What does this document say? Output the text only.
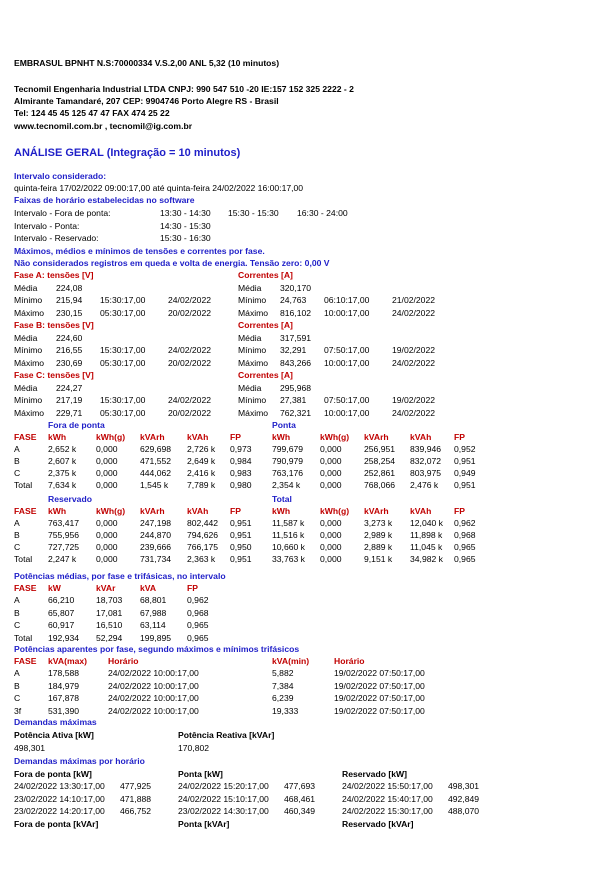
EMBRASUL BPNHT N.S:70000334 V.S.2,00 ANL 5,32 (10 minutos)
Tecnomil Engenharia Industrial LTDA CNPJ: 990 547 510 -20 IE:157 152 325 2222 - 2
Almirante Tamandaré, 207 CEP: 9904746 Porto Alegre RS - Brasil
Tel: 124 45 45 125 47 47 FAX 474 25 22
www.tecnomil.com.br , tecnomil@ig.com.br
ANÁLISE GERAL (Integração = 10 minutos)
Intervalo considerado:
quinta-feira 17/02/2022 09:00:17,00 até quinta-feira 24/02/2022 16:00:17,00
Faixas de horário estabelecidas no software
Intervalo - Fora de ponta:	13:30 - 14:30 15:30 - 15:30 16:30 - 24:00
Intervalo - Ponta:	14:30 - 15:30
Intervalo - Reservado:	15:30 - 16:30
Máximos, médios e mínimos de tensões e correntes por fase.
Não considerados registros em queda e volta de energia. Tensão zero: 0,00 V
Fase A: tensões [V]	Correntes [A]
Média 224,08	Média 320,170
Mínimo 215,94 15:30:17,00	24/02/2022	Mínimo 24,763 06:10:17,00	21/02/2022
Máximo 230,15 05:30:17,00	20/02/2022	Máximo 816,102 10:00:17,00	24/02/2022
Fase B: tensões [V]	Correntes [A]
Média 224,60	Média 317,591
Mínimo 216,55 15:30:17,00	24/02/2022	Mínimo 32,291 07:50:17,00	19/02/2022
Máximo 230,69 05:30:17,00	20/02/2022	Máximo 843,266 10:00:17,00	24/02/2022
Fase C: tensões [V]	Correntes [A]
Média 224,27	Média 295,968
Mínimo 217,19 15:30:17,00	24/02/2022	Mínimo 27,381 07:50:17,00	19/02/2022
Máximo 229,71 05:30:17,00	20/02/2022	Máximo 762,321 10:00:17,00	24/02/2022
Fora de ponta	Ponta
FASE kWh	kWh(g) kVArh	kVAh	FP	kWh	kWh(g) kVArh kVAh	FP
A	2,652 k 0,000	629,698 2,726 k 0,973 799,679 0,000	256,951 839,946 0,952
B	2,607 k 0,000	471,552 2,649 k 0,984 790,979 0,000	258,254 832,072 0,951
C	2,375 k 0,000	444,062 2,416 k 0,983 763,176 0,000	252,861 803,975 0,949
Total 7,634 k 0,000	1,545 k 7,789 k 0,980 2,354 k 0,000	768,066 2,476 k 0,951
Reservado	Total
FASE kWh	kWh(g) kVArh	kVAh	FP	kWh	kWh(g) kVArh kVAh	FP
A	763,417 0,000	247,198 802,442 0,951 11,587 k 0,000	3,273 k 12,040 k 0,962
B	755,956 0,000	244,870 794,626 0,951 11,516 k 0,000	2,989 k 11,898 k 0,968
C	727,725 0,000	239,666 766,175 0,950 10,660 k 0,000	2,889 k 11,045 k 0,965
Total 2,247 k 0,000	731,734 2,363 k 0,951 33,763 k 0,000	9,151 k 34,982 k 0,965
Potências médias, por fase e trifásicas, no intervalo
FASE kW	kVAr	kVA	FP
A	66,210	18,703 68,801 0,962
B	65,807	17,081 67,988 0,968
C	60,917	16,510 63,114 0,965
Total 192,934 52,294 199,895 0,965
Potências aparentes por fase, segundo máximos e mínimos trifásicos
FASE kVA(max) Horário	kVA(min)	Horário
A	178,588	24/02/2022 10:00:17,00	5,882	19/02/2022 07:50:17,00
B	184,979	24/02/2022 10:00:17,00	7,384	19/02/2022 07:50:17,00
C	167,878	24/02/2022 10:00:17,00	6,239	19/02/2022 07:50:17,00
3f	531,390	24/02/2022 10:00:17,00	19,333	19/02/2022 07:50:17,00
Demandas máximas
Potência Ativa [kW]	Potência Reativa [kVAr]
498,301	170,802
Demandas máximas por horário
Fora de ponta [kW]	Ponta [kW]	Reservado [kW]
24/02/2022 13:30:17,00 477,925	24/02/2022 15:20:17,00 477,693	24/02/2022 15:50:17,00 498,301
23/02/2022 14:10:17,00 471,888	24/02/2022 15:10:17,00 468,461	24/02/2022 15:40:17,00 492,849
23/02/2022 14:20:17,00 466,752	23/02/2022 14:30:17,00 460,349	24/02/2022 15:30:17,00 488,070
Fora de ponta [kVAr]	Ponta [kVAr]	Reservado [kVAr]
